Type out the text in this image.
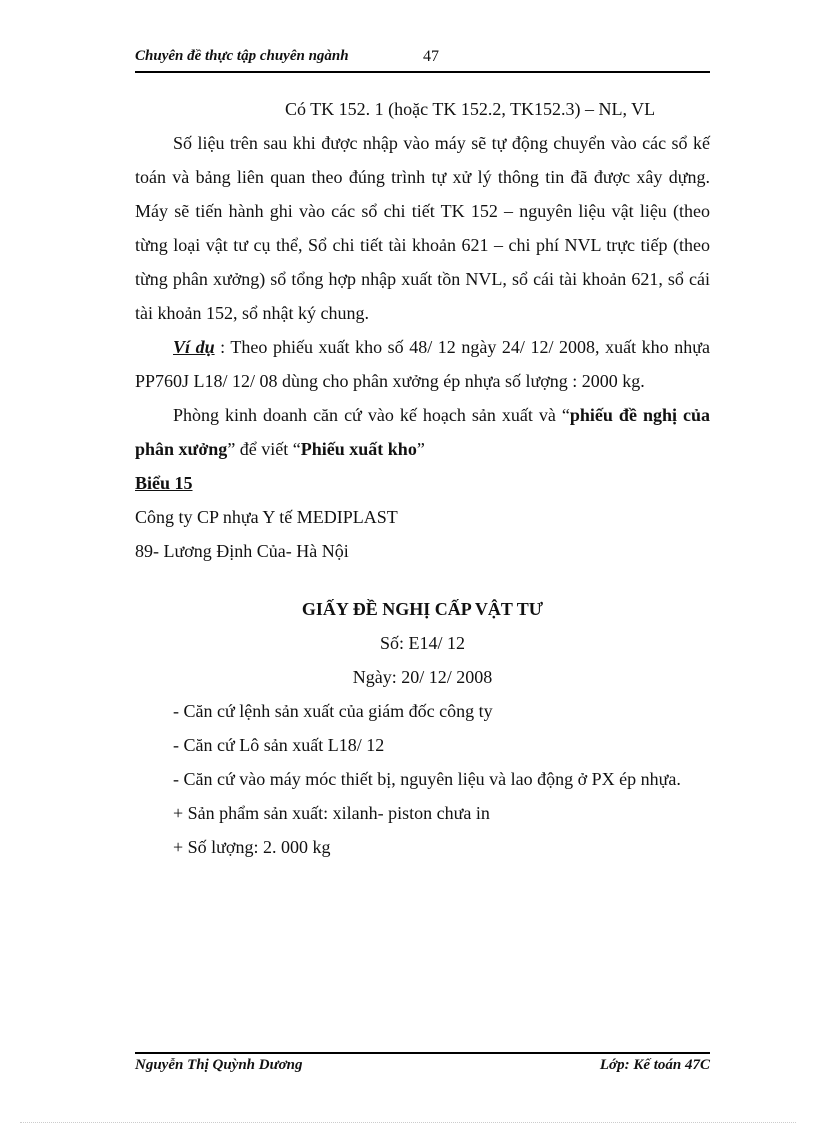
Chuyên đề thực tập chuyên ngành	47

Có TK 152. 1 (hoặc TK 152.2, TK152.3) – NL, VL

Số liệu trên sau khi được nhập vào máy sẽ tự động chuyển vào các sổ kế toán và bảng liên quan theo đúng trình tự xử lý thông tin đã được xây dựng. Máy sẽ tiến hành ghi vào các sổ chi tiết TK 152 – nguyên liệu vật liệu (theo từng loại vật tư cụ thể, Sổ chi tiết tài khoản 621 – chi phí NVL trực tiếp (theo từng phân xưởng) sổ tổng hợp nhập xuất tồn NVL, sổ cái tài khoản 621, sổ cái tài khoản 152, sổ nhật ký chung.

Ví dụ : Theo phiếu xuất kho số 48/ 12 ngày 24/ 12/ 2008, xuất kho nhựa PP760J L18/ 12/ 08 dùng cho phân xưởng ép nhựa số lượng : 2000 kg.

Phòng kinh doanh căn cứ vào kế hoạch sản xuất và “phiếu đề nghị của phân xưởng” để viết “Phiếu xuất kho”

Biểu 15

Công ty CP nhựa Y tế MEDIPLAST

89- Lương Định Của- Hà Nội

GIẤY ĐỀ NGHỊ CẤP VẬT TƯ

Số: E14/ 12

Ngày: 20/ 12/ 2008

- Căn cứ lệnh sản xuất của giám đốc công ty

- Căn cứ Lô sản xuất L18/ 12

- Căn cứ vào máy móc thiết bị, nguyên liệu và lao động ở PX ép nhựa.

+ Sản phẩm sản xuất: xilanh- piston chưa in

+ Số lượng: 2. 000 kg

Nguyễn Thị Quỳnh Dương	Lớp: Kế toán 47C
